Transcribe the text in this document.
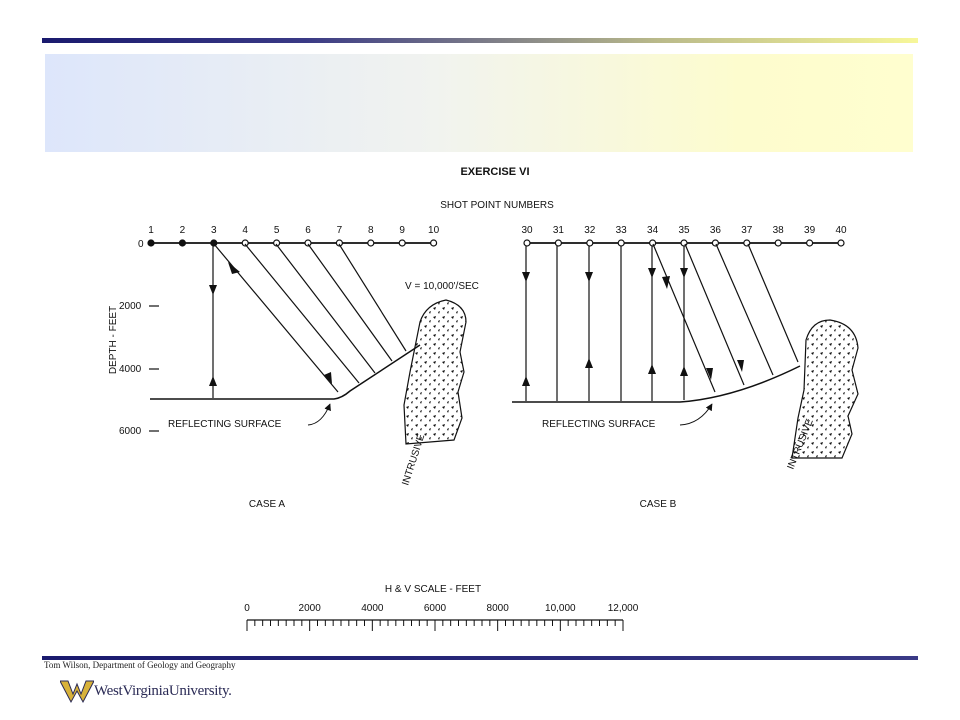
EXERCISE VI
SHOT POINT NUMBERS
DEPTH - FEET
0
2000
4000
6000
1	2	3	4	5	6	7	8	9 10
V = 10,000'/SEC
REFLECTING SURFACE
INTRUSIVE
CASE A
30 31 32 33 34 35 36 37 38 39 40
REFLECTING SURFACE	INTRUSIVE
CASE B
H & V SCALE - FEET
0	2000	4000	6000	8000	10,000	12,000
Tom Wilson, Department of Geology and Geography
WestVirginiaUniversity.
